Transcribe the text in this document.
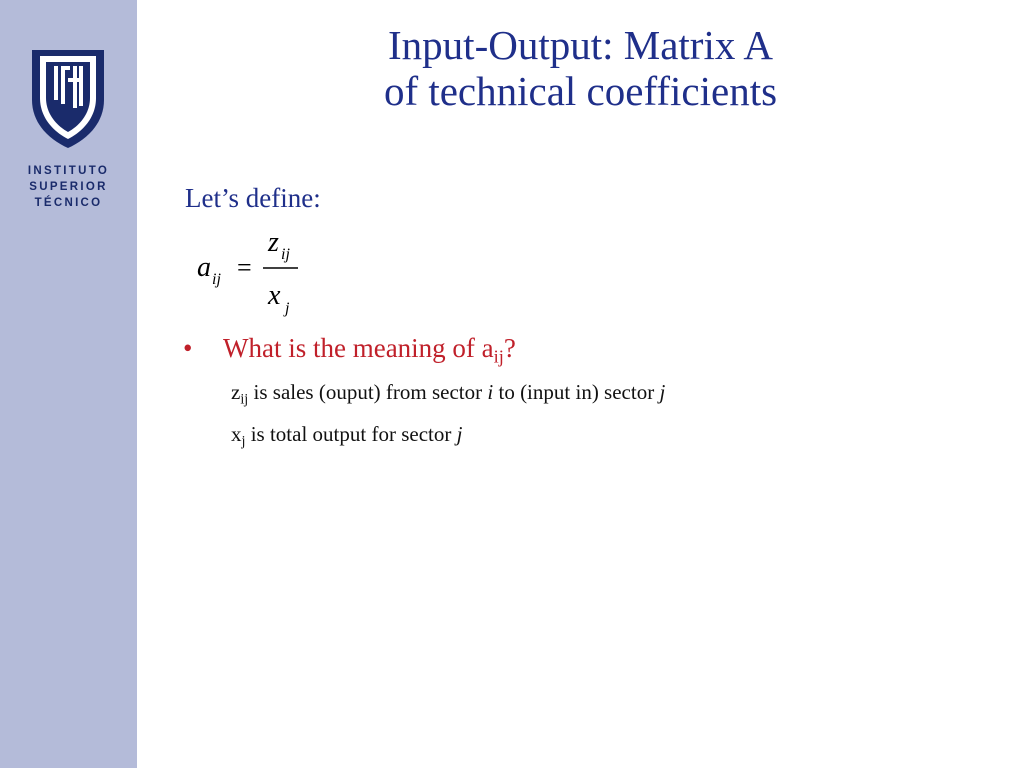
INSTITUTO
SUPERIOR
TÉCNICO
Input-Output: Matrix A
of technical coefficients
Let’s define:
a ij =
z ij
x j
• What is the meaning of $a_{ij}$?
$z_{ij}$ is sales (ouput) from sector i to (input in) sector j
$x_j$ is total output for sector j
